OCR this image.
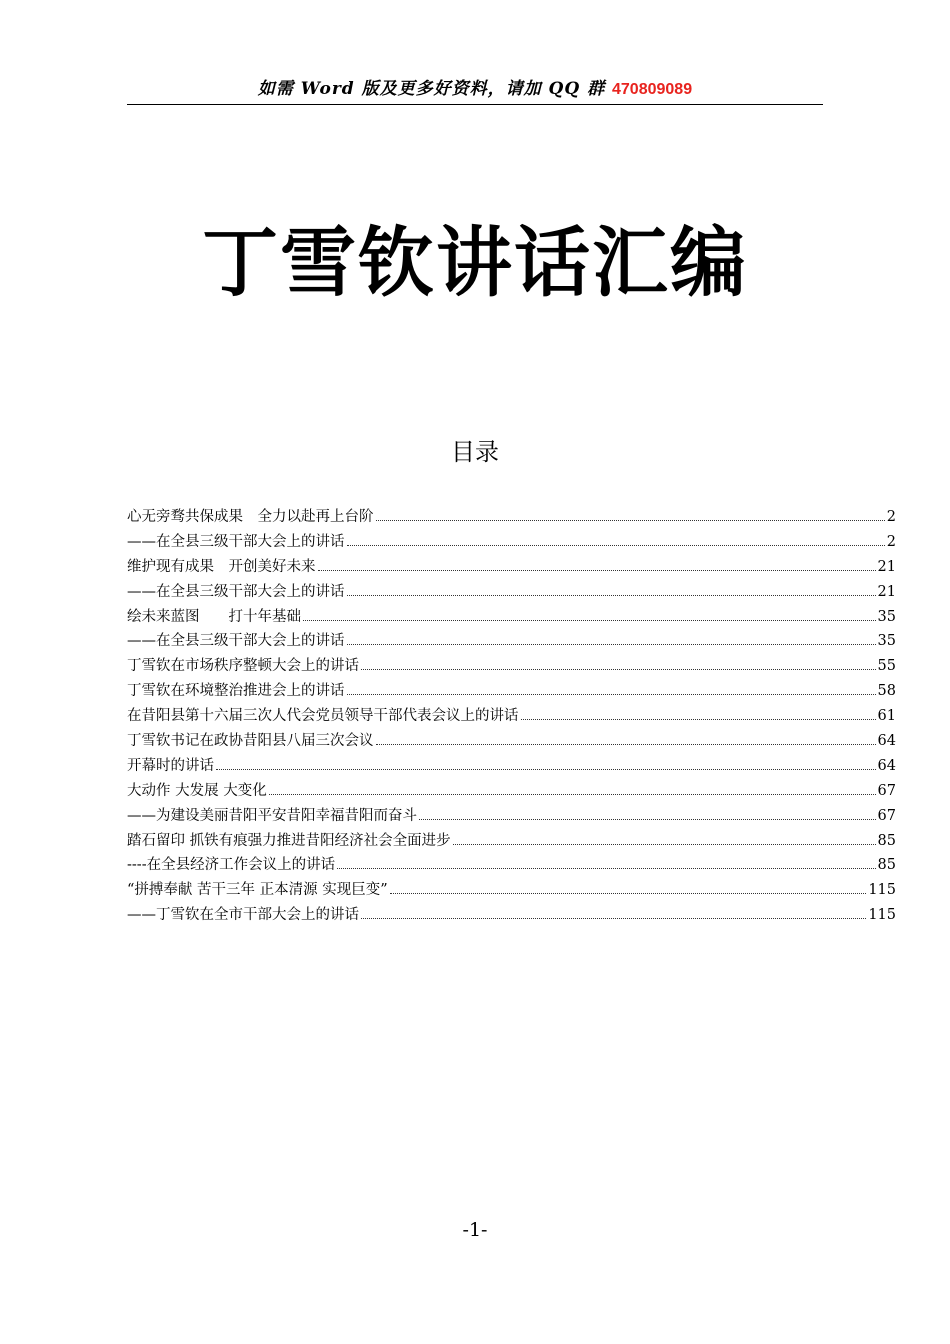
如需 Word 版及更多好资料，请加 QQ 群 470809089
丁雪钦讲话汇编
目录
心无旁骛共保成果　全力以赴再上台阶	2
——在全县三级干部大会上的讲话	2
维护现有成果　开创美好未来	21
——在全县三级干部大会上的讲话	21
绘未来蓝图　　打十年基础	35
——在全县三级干部大会上的讲话	35
丁雪钦在市场秩序整顿大会上的讲话	55
丁雪钦在环境整治推进会上的讲话	58
在昔阳县第十六届三次人代会党员领导干部代表会议上的讲话	61
丁雪钦书记在政协昔阳县八届三次会议	64
开幕时的讲话	64
大动作 大发展 大变化	67
——为建设美丽昔阳平安昔阳幸福昔阳而奋斗	67
踏石留印 抓铁有痕强力推进昔阳经济社会全面进步	85
----在全县经济工作会议上的讲话	85
“拼搏奉献 苦干三年 正本清源 实现巨变”	115
——丁雪钦在全市干部大会上的讲话	115
-1-
